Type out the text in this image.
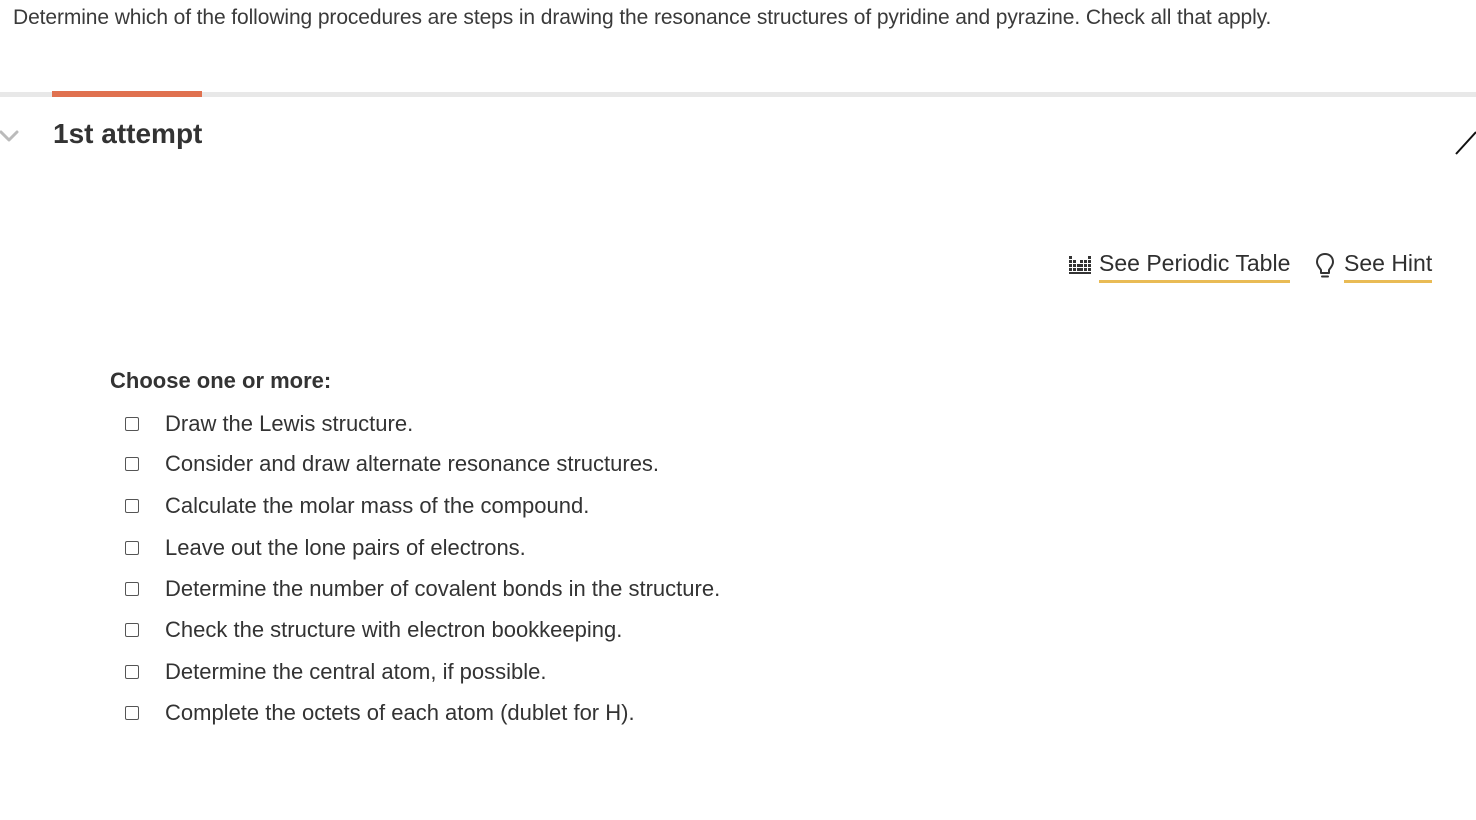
Determine which of the following procedures are steps in drawing the resonance structures of pyridine and pyrazine. Check all that apply.
1st attempt
See Periodic Table See Hint
Choose one or more:
Draw the Lewis structure.
Consider and draw alternate resonance structures.
Calculate the molar mass of the compound.
Leave out the lone pairs of electrons.
Determine the number of covalent bonds in the structure.
Check the structure with electron bookkeeping.
Determine the central atom, if possible.
Complete the octets of each atom (dublet for H).
